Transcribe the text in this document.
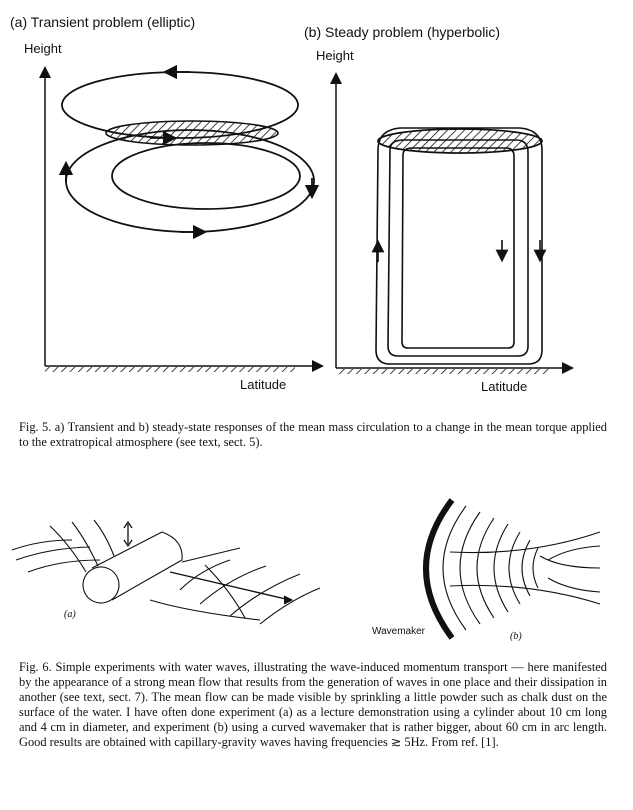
(a) Transient problem (elliptic)
Height
Latitude
(b) Steady problem (hyperbolic)
Height
Latitude
Fig. 5. a) Transient and b) steady-state responses of the mean mass circulation to a change in the mean torque applied to the extratropical atmosphere (see text, sect. 5).
(a)
Wavemaker	(b)
Fig. 6. Simple experiments with water waves, illustrating the wave-induced momentum transport — here manifested by the appearance of a strong mean flow that results from the generation of waves in one place and their dissipation in another (see text, sect. 7). The mean flow can be made visible by sprinkling a little powder such as chalk dust on the surface of the water. I have often done experiment (a) as a lecture demonstration using a cylinder about 10 cm long and 4 cm in diameter, and experiment (b) using a curved wavemaker that is rather bigger, about 60 cm in arc length. Good results are obtained with capillary-gravity waves having frequencies ≳ 5Hz. From ref. [1].
